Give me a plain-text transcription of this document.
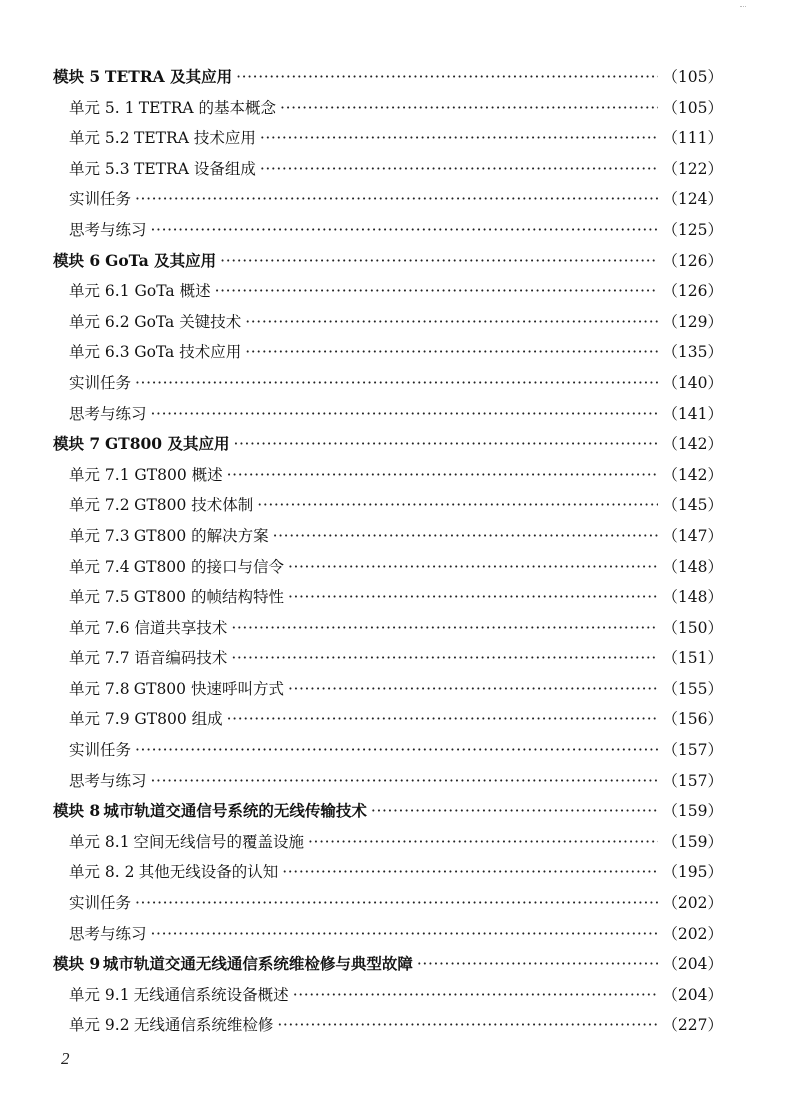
模块 5 TETRA 及其应用 ·····	（105）
单元 5. 1 TETRA 的基本概念 ·····	（105）
单元 5.2 TETRA 技术应用 ·····	（111）
单元 5.3 TETRA 设备组成 ·····	（122）
实训任务 ·····	（124）
思考与练习 ·····	（125）
模块 6 GoTa 及其应用 ·····	（126）
单元 6.1 GoTa 概述 ·····	（126）
单元 6.2 GoTa 关键技术 ·····	（129）
单元 6.3 GoTa 技术应用 ·····	（135）
实训任务 ·····	（140）
思考与练习 ·····	（141）
模块 7 GT800 及其应用 ·····	（142）
单元 7.1 GT800 概述 ·····	（142）
单元 7.2 GT800 技术体制 ·····	（145）
单元 7.3 GT800 的解决方案 ·····	（147）
单元 7.4 GT800 的接口与信令 ·····	（148）
单元 7.5 GT800 的帧结构特性 ·····	（148）
单元 7.6 信道共享技术 ·····	（150）
单元 7.7 语音编码技术 ·····	（151）
单元 7.8 GT800 快速呼叫方式 ·····	（155）
单元 7.9 GT800 组成 ·····	（156）
实训任务 ·····	（157）
思考与练习 ·····	（157）
模块 8 城市轨道交通信号系统的无线传输技术 ·····	（159）
单元 8.1 空间无线信号的覆盖设施 ·····	（159）
单元 8. 2 其他无线设备的认知 ·····	（195）
实训任务 ·····	（202）
思考与练习 ·····	（202）
模块 9 城市轨道交通无线通信系统维检修与典型故障 ·····	（204）
单元 9.1 无线通信系统设备概述 ·····	（204）
单元 9.2 无线通信系统维检修 ·····	（227）
2
